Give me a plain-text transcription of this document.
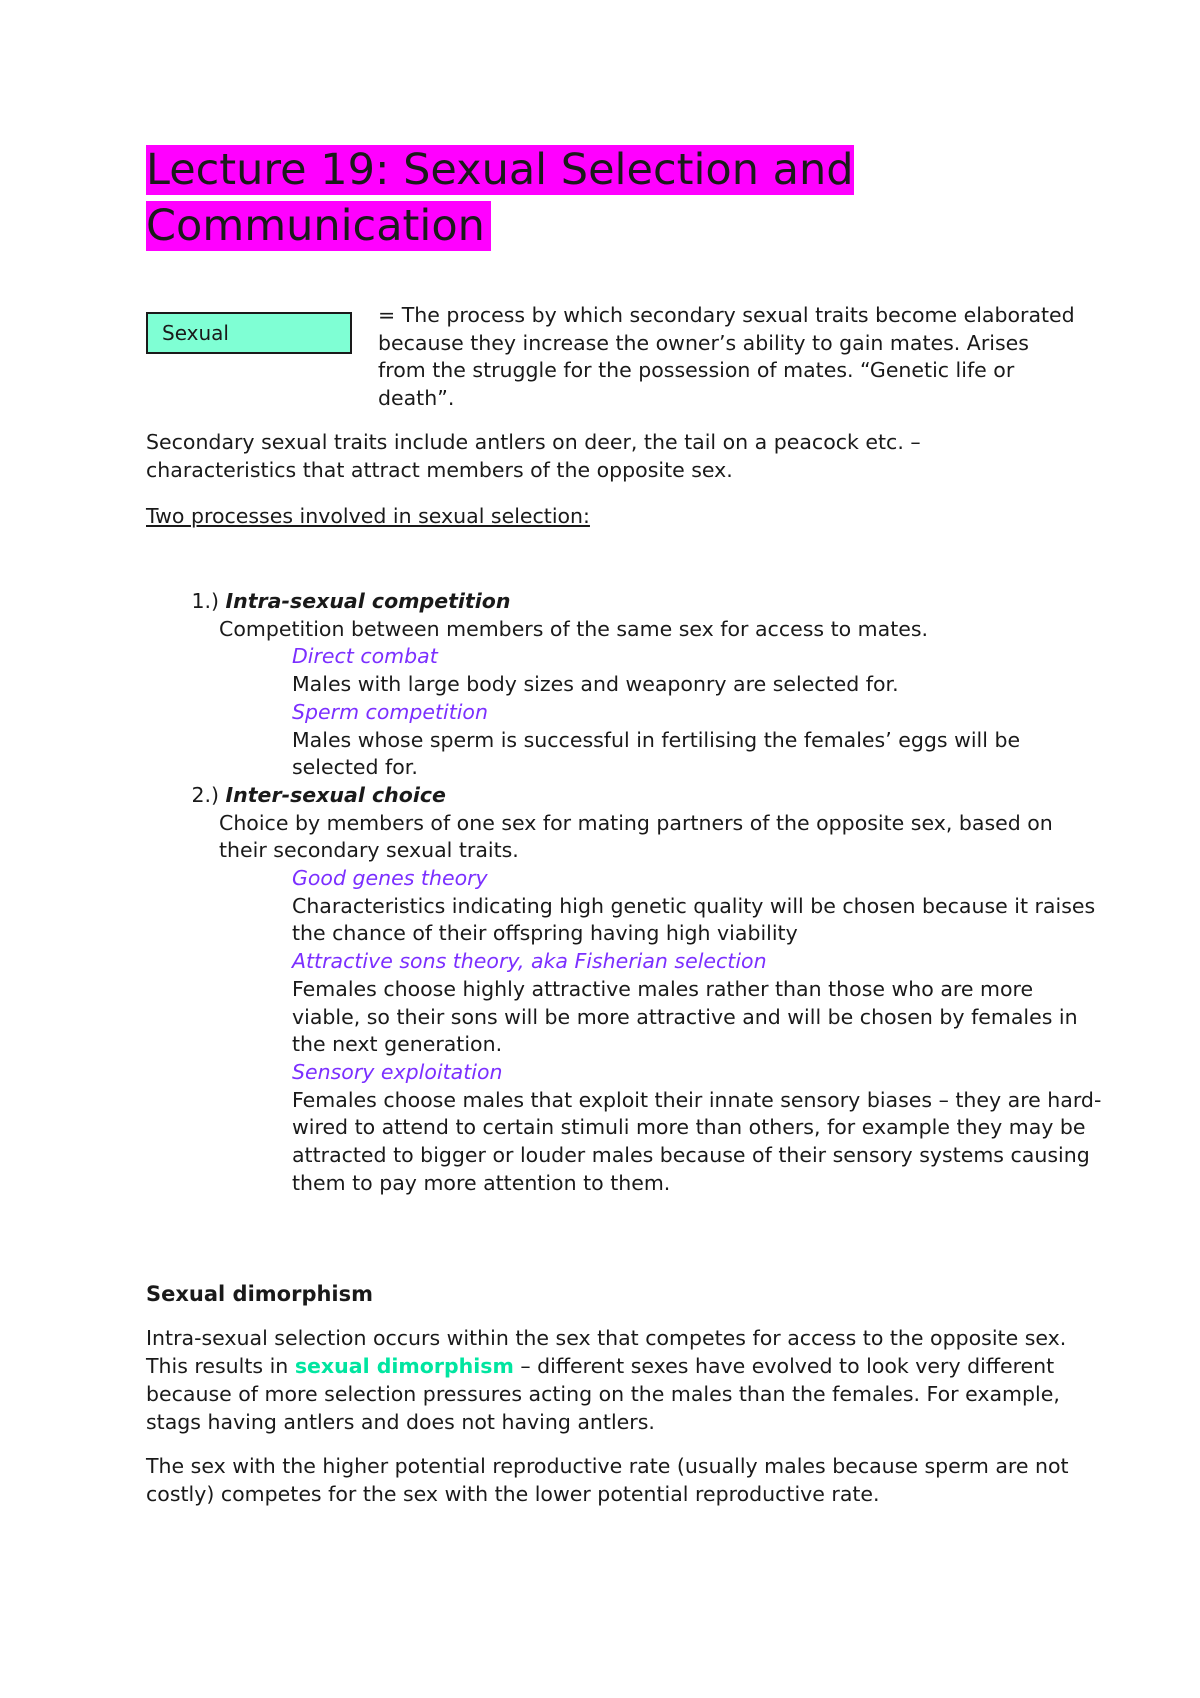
Lecture 19: Sexual Selection and Communication
Sexual

= The process by which secondary sexual traits become elaborated because they increase the owner’s ability to gain mates. Arises from the struggle for the possession of mates. “Genetic life or death”.

Secondary sexual traits include antlers on deer, the tail on a peacock etc. – characteristics that attract members of the opposite sex.

Two processes involved in sexual selection:

1.) Intra-sexual competition

Competition between members of the same sex for access to mates.

Direct combat

Males with large body sizes and weaponry are selected for.

Sperm competition

Males whose sperm is successful in fertilising the females’ eggs will be selected for.

2.) Inter-sexual choice

Choice by members of one sex for mating partners of the opposite sex, based on their secondary sexual traits.

Good genes theory

Characteristics indicating high genetic quality will be chosen because it raises the chance of their offspring having high viability

Attractive sons theory, aka Fisherian selection

Females choose highly attractive males rather than those who are more viable, so their sons will be more attractive and will be chosen by females in the next generation.

Sensory exploitation

Females choose males that exploit their innate sensory biases – they are hard-wired to attend to certain stimuli more than others, for example they may be attracted to bigger or louder males because of their sensory systems causing them to pay more attention to them.

Sexual dimorphism

Intra-sexual selection occurs within the sex that competes for access to the opposite sex. This results in sexual dimorphism – different sexes have evolved to look very different because of more selection pressures acting on the males than the females. For example, stags having antlers and does not having antlers.

The sex with the higher potential reproductive rate (usually males because sperm are not costly) competes for the sex with the lower potential reproductive rate.
